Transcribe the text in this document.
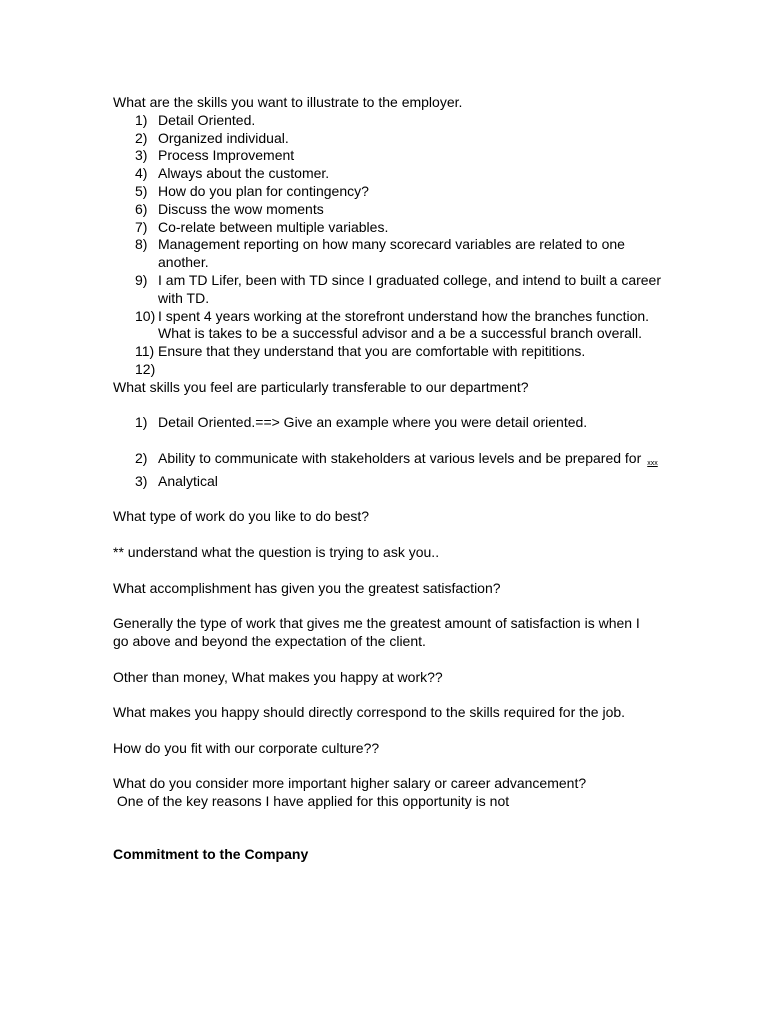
What are the skills you want to illustrate to the employer.

1) Detail Oriented.
2) Organized individual.
3) Process Improvement
4) Always about the customer.
5) How do you plan for contingency?
6) Discuss the wow moments
7) Co-relate between multiple variables.
8) Management reporting on how many scorecard variables are related to one another.
9) I am TD Lifer, been with TD since I graduated college, and intend to built a career with TD.
10) I spent 4 years working at the storefront understand how the branches function. What is takes to be a successful advisor and a be a successful branch overall.
11) Ensure that they understand that you are comfortable with repititions.
12)

What skills you feel are particularly transferable to our department?

1) Detail Oriented.==> Give an example where you were detail oriented.
2) Ability to communicate with stakeholders at various levels and be prepared for xxx
3) Analytical

What type of work do you like to do best?

** understand what the question is trying to ask you..

What accomplishment has given you the greatest satisfaction?

Generally the type of work that gives me the greatest amount of satisfaction is when I go above and beyond the expectation of the client.

Other than money, What makes you happy at work??

What makes you happy should directly correspond to the skills required for the job.

How do you fit with our corporate culture??

What do you consider more important higher salary or career advancement?

One of the key reasons I have applied for this opportunity is not

Commitment to the Company
